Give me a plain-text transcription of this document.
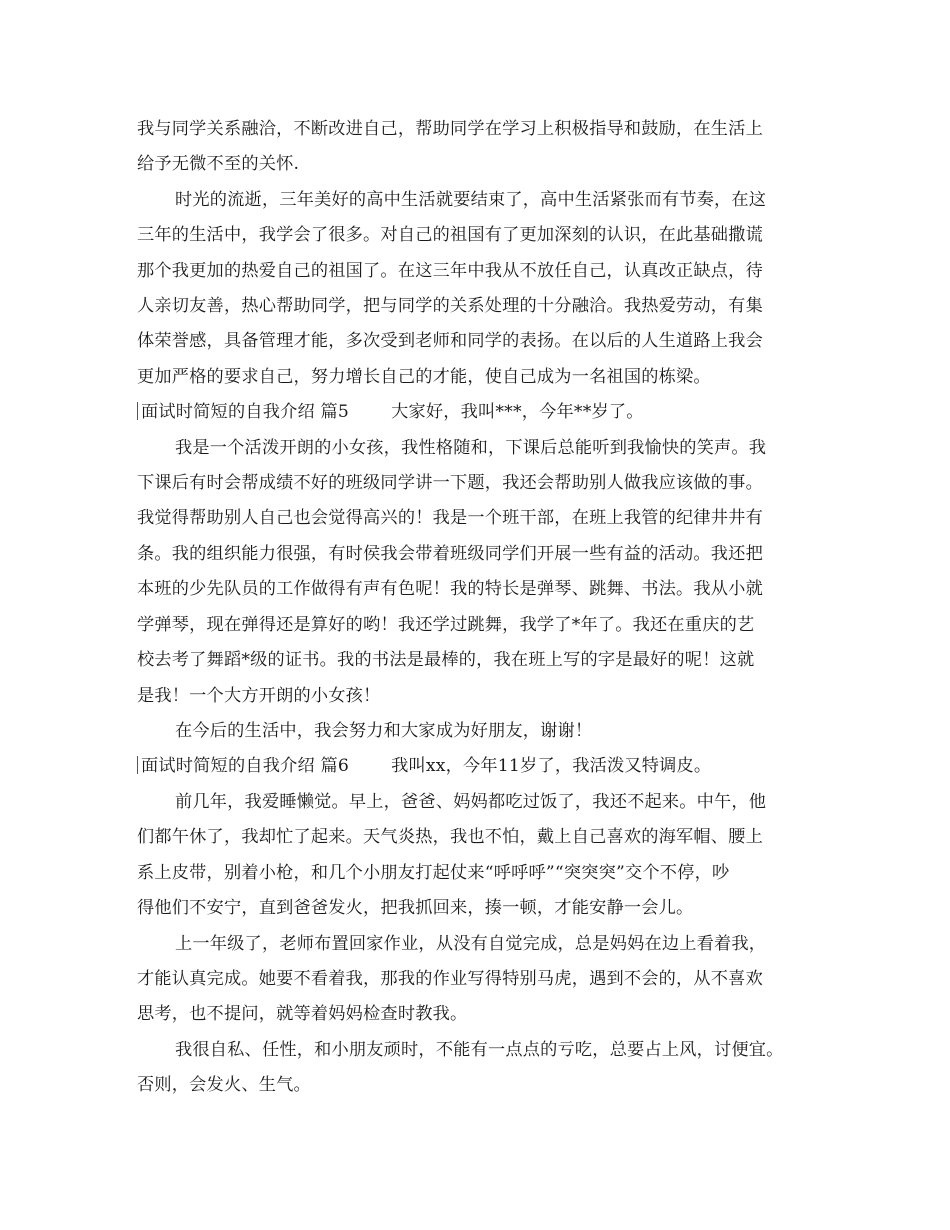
我与同学关系融洽，不断改进自己，帮助同学在学习上积极指导和鼓励，在生活上
给予无微不至的关怀.
时光的流逝，三年美好的高中生活就要结束了，高中生活紧张而有节奏，在这
三年的生活中，我学会了很多。对自己的祖国有了更加深刻的认识，在此基础撒谎
那个我更加的热爱自己的祖国了。在这三年中我从不放任自己，认真改正缺点，待
人亲切友善，热心帮助同学，把与同学的关系处理的十分融洽。我热爱劳动，有集
体荣誉感，具备管理才能，多次受到老师和同学的表扬。在以后的人生道路上我会
更加严格的要求自己，努力增长自己的才能，使自己成为一名祖国的栋梁。
面试时简短的自我介绍 篇5 大家好，我叫***，今年**岁了。
我是一个活泼开朗的小女孩，我性格随和，下课后总能听到我愉快的笑声。我
下课后有时会帮成绩不好的班级同学讲一下题，我还会帮助别人做我应该做的事。
我觉得帮助别人自己也会觉得高兴的！我是一个班干部，在班上我管的纪律井井有
条。我的组织能力很强，有时侯我会带着班级同学们开展一些有益的活动。我还把
本班的少先队员的工作做得有声有色呢！我的特长是弹琴、跳舞、书法。我从小就
学弹琴，现在弹得还是算好的哟！我还学过跳舞，我学了*年了。我还在重庆的艺
校去考了舞蹈*级的证书。我的书法是最棒的，我在班上写的字是最好的呢！这就
是我！一个大方开朗的小女孩！
在今后的生活中，我会努力和大家成为好朋友，谢谢！
面试时简短的自我介绍 篇6 我叫xx，今年11岁了，我活泼又特调皮。
前几年，我爱睡懒觉。早上，爸爸、妈妈都吃过饭了，我还不起来。中午，他
们都午休了，我却忙了起来。天气炎热，我也不怕，戴上自己喜欢的海军帽、腰上
系上皮带，别着小枪，和几个小朋友打起仗来“呼呼呼”“突突突”交个不停，吵
得他们不安宁，直到爸爸发火，把我抓回来，揍一顿，才能安静一会儿。
上一年级了，老师布置回家作业，从没有自觉完成，总是妈妈在边上看着我，
才能认真完成。她要不看着我，那我的作业写得特别马虎，遇到不会的，从不喜欢
思考，也不提问，就等着妈妈检查时教我。
我很自私、任性，和小朋友顽时，不能有一点点的亏吃，总要占上风，讨便宜。
否则，会发火、生气。
